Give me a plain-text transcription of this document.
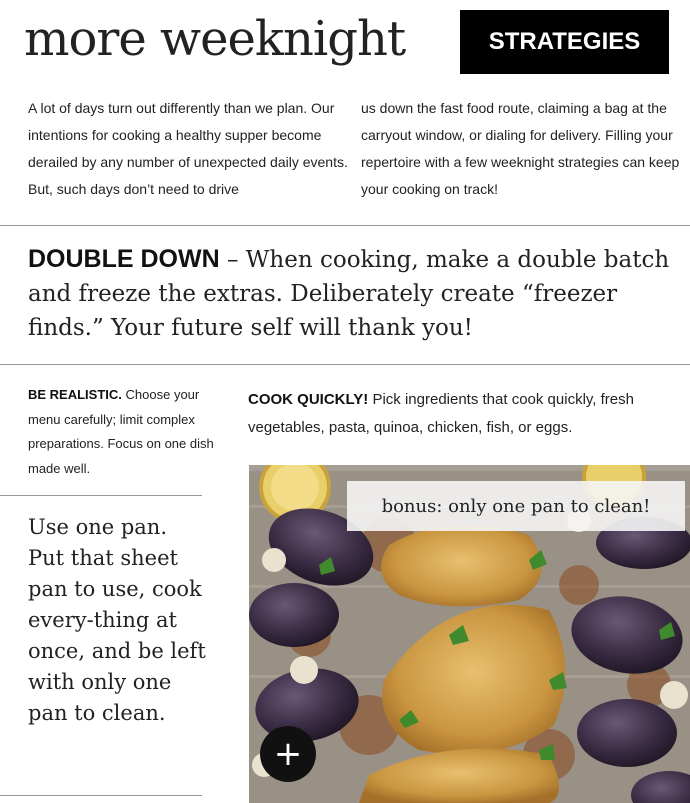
more weeknight	STRATEGIES
A lot of days turn out differently than we plan. Our intentions for cooking a healthy supper become derailed by any number of unexpected daily events. But, such days don’t need to drive
us down the fast food route, claiming a bag at the carryout window, or dialing for delivery. Filling your repertoire with a few weeknight strategies can keep your cooking on track!
DOUBLE DOWN – When cooking, make a double batch and freeze the extras. Deliberately create “freezer finds.” Your future self will thank you!
BE REALISTIC. Choose your menu carefully; limit complex preparations. Focus on one dish made well.
COOK QUICKLY! Pick ingredients that cook quickly, fresh vegetables, pasta, quinoa, chicken, fish, or eggs.
Use one pan. Put that sheet pan to use, cook every-thing at once, and be left with only one pan to clean.
bonus: only one pan to clean!
+
